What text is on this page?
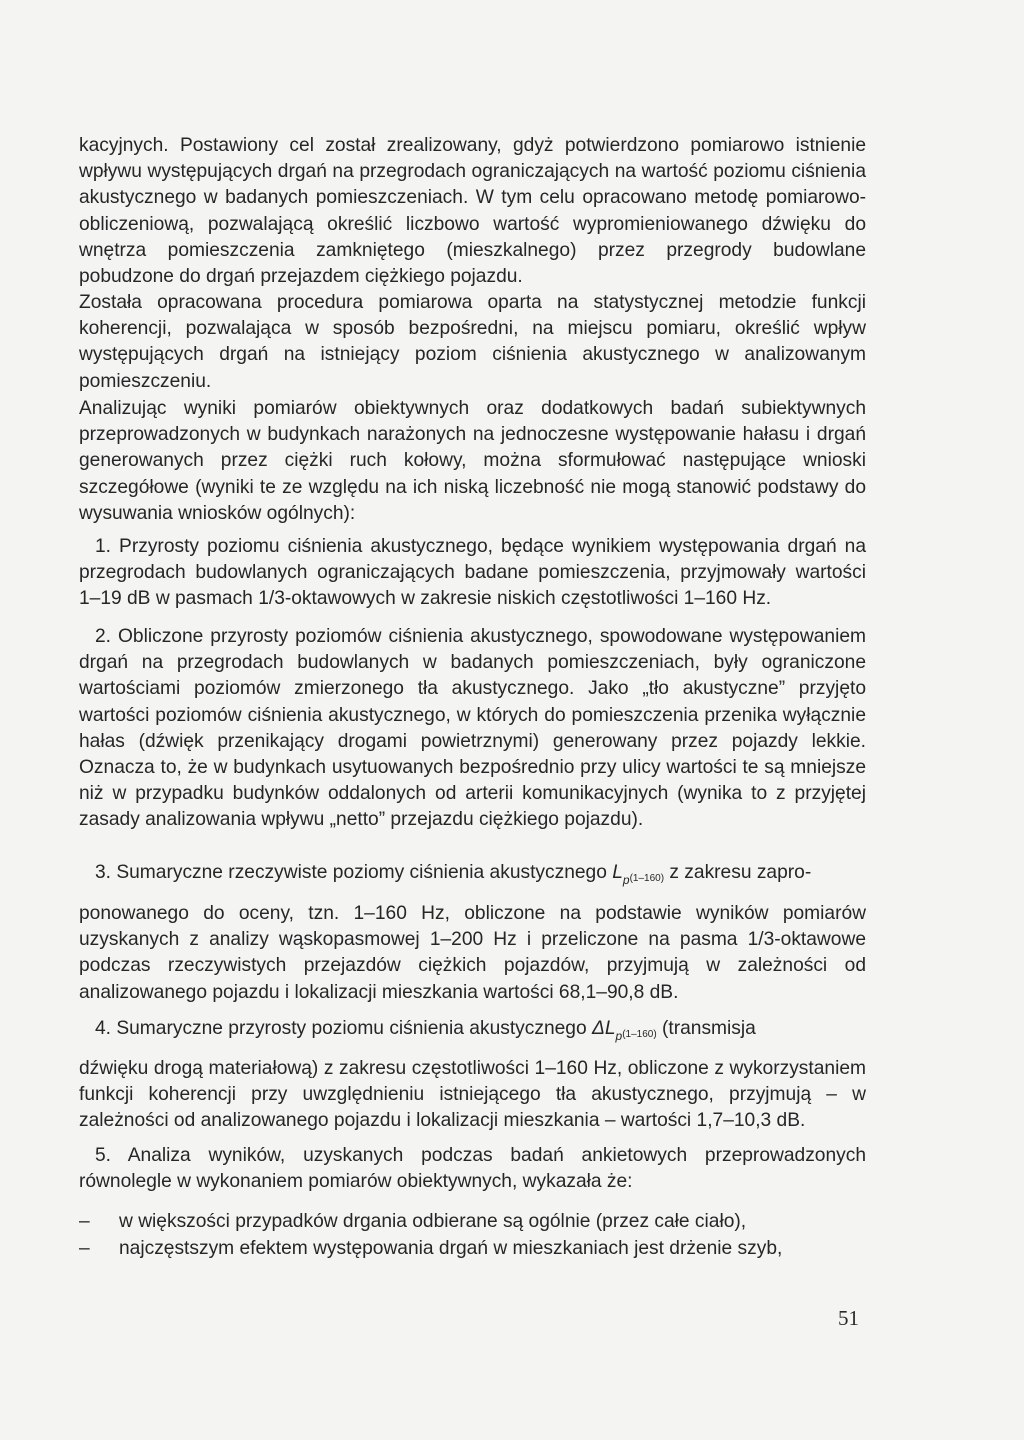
kacyjnych. Postawiony cel został zrealizowany, gdyż potwierdzono pomiarowo istnienie wpływu występujących drgań na przegrodach ograniczających na wartość poziomu ciśnienia akustycznego w badanych pomieszczeniach. W tym celu opracowano metodę pomiarowo-obliczeniową, pozwalającą określić liczbowo wartość wypromieniowanego dźwięku do wnętrza pomieszczenia zamkniętego (mieszkalnego) przez przegrody budowlane pobudzone do drgań przejazdem ciężkiego pojazdu.

Została opracowana procedura pomiarowa oparta na statystycznej metodzie funkcji koherencji, pozwalająca w sposób bezpośredni, na miejscu pomiaru, określić wpływ występujących drgań na istniejący poziom ciśnienia akustycznego w analizowanym pomieszczeniu.

Analizując wyniki pomiarów obiektywnych oraz dodatkowych badań subiektywnych przeprowadzonych w budynkach narażonych na jednoczesne występowanie hałasu i drgań generowanych przez ciężki ruch kołowy, można sformułować następujące wnioski szczegółowe (wyniki te ze względu na ich niską liczebność nie mogą stanowić podstawy do wysuwania wniosków ogólnych):

1. Przyrosty poziomu ciśnienia akustycznego, będące wynikiem występowania drgań na przegrodach budowlanych ograniczających badane pomieszczenia, przyjmowały wartości 1–19 dB w pasmach 1/3-oktawowych w zakresie niskich częstotliwości 1–160 Hz.

2. Obliczone przyrosty poziomów ciśnienia akustycznego, spowodowane występowaniem drgań na przegrodach budowlanych w badanych pomieszczeniach, były ograniczone wartościami poziomów zmierzonego tła akustycznego. Jako „tło akustyczne” przyjęto wartości poziomów ciśnienia akustycznego, w których do pomieszczenia przenika wyłącznie hałas (dźwięk przenikający drogami powietrznymi) generowany przez pojazdy lekkie. Oznacza to, że w budynkach usytuowanych bezpośrednio przy ulicy wartości te są mniejsze niż w przypadku budynków oddalonych od arterii komunikacyjnych (wynika to z przyjętej zasady analizowania wpływu „netto” przejazdu ciężkiego pojazdu).

3. Sumaryczne rzeczywiste poziomy ciśnienia akustycznego $L_p(1-160)$ z zakresu zapro-

ponowanego do oceny, tzn. 1–160 Hz, obliczone na podstawie wyników pomiarów uzyskanych z analizy wąskopasmowej 1–200 Hz i przeliczone na pasma 1/3-oktawowe podczas rzeczywistych przejazdów ciężkich pojazdów, przyjmują w zależności od analizowanego pojazdu i lokalizacji mieszkania wartości 68,1–90,8 dB.

4. Sumaryczne przyrosty poziomu ciśnienia akustycznego $\Delta L_p(1-160)$ (transmisja

dźwięku drogą materiałową) z zakresu częstotliwości 1–160 Hz, obliczone z wykorzystaniem funkcji koherencji przy uwzględnieniu istniejącego tła akustycznego, przyjmują – w zależności od analizowanego pojazdu i lokalizacji mieszkania – wartości 1,7–10,3 dB.

5. Analiza wyników, uzyskanych podczas badań ankietowych przeprowadzonych równolegle w wykonaniem pomiarów obiektywnych, wykazała że:

– w większości przypadków drgania odbierane są ogólnie (przez całe ciało),
– najczęstszym efektem występowania drgań w mieszkaniach jest drżenie szyb,
51
